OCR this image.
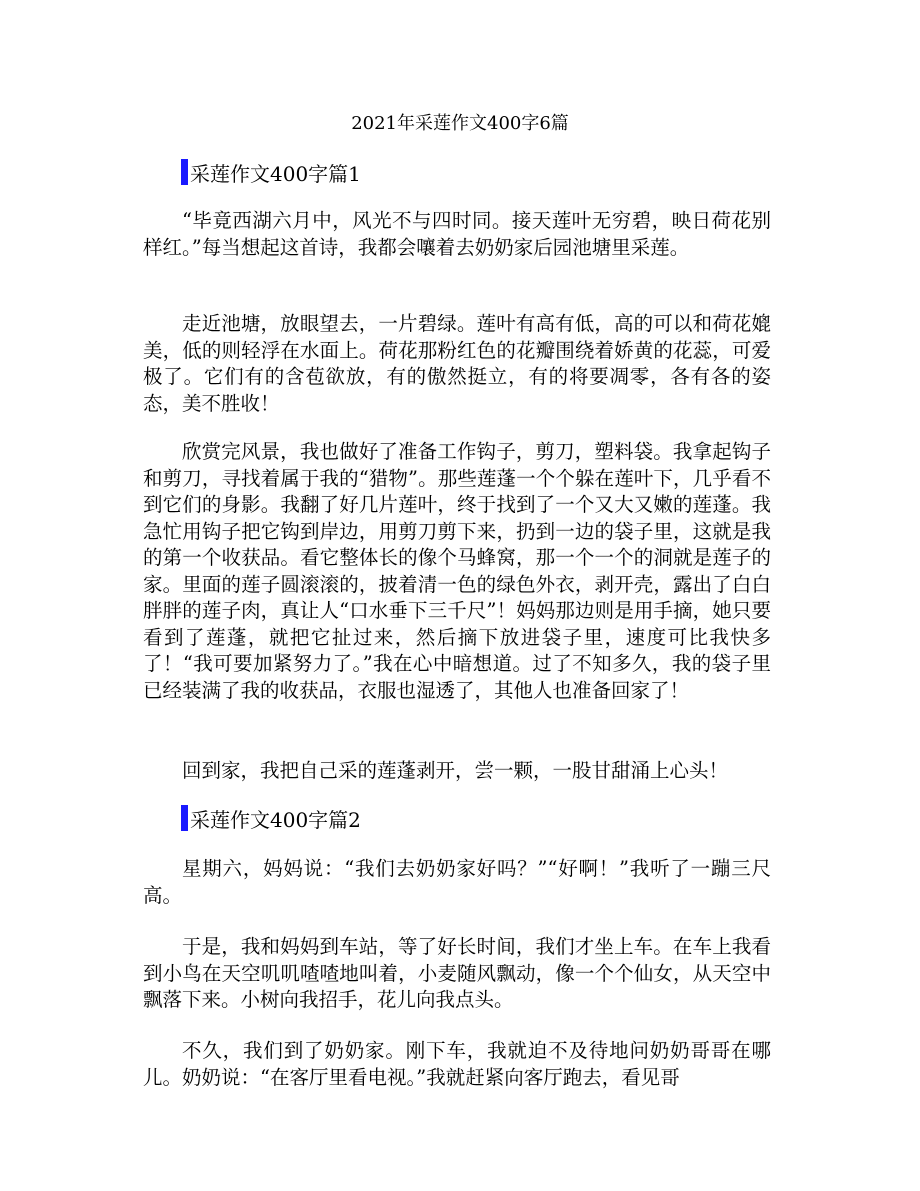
2021年采莲作文400字6篇
采莲作文400字篇1

“毕竟西湖六月中，风光不与四时同。接天莲叶无穷碧，映日荷花别样红。”每当想起这首诗，我都会嚷着去奶奶家后园池塘里采莲。

走近池塘，放眼望去，一片碧绿。莲叶有高有低，高的可以和荷花媲美，低的则轻浮在水面上。荷花那粉红色的花瓣围绕着娇黄的花蕊，可爱极了。它们有的含苞欲放，有的傲然挺立，有的将要凋零，各有各的姿态，美不胜收！

欣赏完风景，我也做好了准备工作钩子，剪刀，塑料袋。我拿起钩子和剪刀，寻找着属于我的“猎物”。那些莲蓬一个个躲在莲叶下，几乎看不到它们的身影。我翻了好几片莲叶，终于找到了一个又大又嫩的莲蓬。我急忙用钩子把它钩到岸边，用剪刀剪下来，扔到一边的袋子里，这就是我的第一个收获品。看它整体长的像个马蜂窝，那一个一个的洞就是莲子的家。里面的莲子圆滚滚的，披着清一色的绿色外衣，剥开壳，露出了白白胖胖的莲子肉，真让人“口水垂下三千尺”！妈妈那边则是用手摘，她只要看到了莲蓬，就把它扯过来，然后摘下放进袋子里，速度可比我快多了！“我可要加紧努力了。”我在心中暗想道。过了不知多久，我的袋子里已经装满了我的收获品，衣服也湿透了，其他人也准备回家了！

回到家，我把自己采的莲蓬剥开，尝一颗，一股甘甜涌上心头！

采莲作文400字篇2

星期六，妈妈说：“我们去奶奶家好吗？”“好啊！”我听了一蹦三尺高。

于是，我和妈妈到车站，等了好长时间，我们才坐上车。在车上我看到小鸟在天空叽叽喳喳地叫着，小麦随风飘动，像一个个仙女，从天空中飘落下来。小树向我招手，花儿向我点头。

不久，我们到了奶奶家。刚下车，我就迫不及待地问奶奶哥哥在哪儿。奶奶说：“在客厅里看电视。”我就赶紧向客厅跑去，看见哥
